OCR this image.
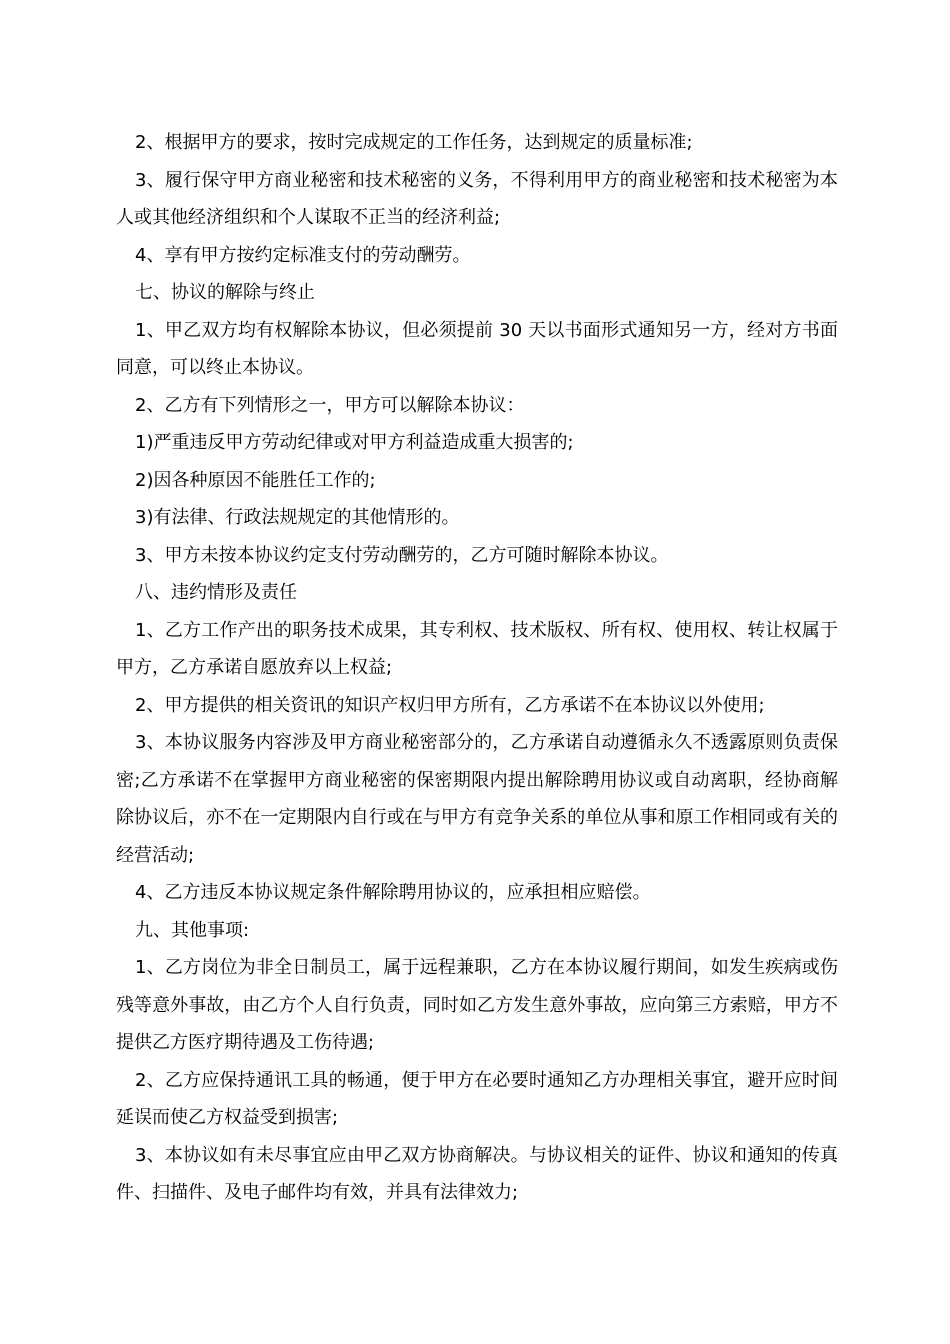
2、根据甲方的要求，按时完成规定的工作任务，达到规定的质量标准;

3、履行保守甲方商业秘密和技术秘密的义务，不得利用甲方的商业秘密和技术秘密为本人或其他经济组织和个人谋取不正当的经济利益;

4、享有甲方按约定标准支付的劳动酬劳。

七、协议的解除与终止

1、甲乙双方均有权解除本协议，但必须提前 30 天以书面形式通知另一方，经对方书面同意，可以终止本协议。

2、乙方有下列情形之一，甲方可以解除本协议：

1)严重违反甲方劳动纪律或对甲方利益造成重大损害的;

2)因各种原因不能胜任工作的;

3)有法律、行政法规规定的其他情形的。

3、甲方未按本协议约定支付劳动酬劳的，乙方可随时解除本协议。

八、违约情形及责任

1、乙方工作产出的职务技术成果，其专利权、技术版权、所有权、使用权、转让权属于甲方，乙方承诺自愿放弃以上权益;

2、甲方提供的相关资讯的知识产权归甲方所有，乙方承诺不在本协议以外使用;

3、本协议服务内容涉及甲方商业秘密部分的，乙方承诺自动遵循永久不透露原则负责保密;乙方承诺不在掌握甲方商业秘密的保密期限内提出解除聘用协议或自动离职，经协商解除协议后，亦不在一定期限内自行或在与甲方有竞争关系的单位从事和原工作相同或有关的经营活动;

4、乙方违反本协议规定条件解除聘用协议的，应承担相应赔偿。

九、其他事项:

1、乙方岗位为非全日制员工，属于远程兼职，乙方在本协议履行期间，如发生疾病或伤残等意外事故，由乙方个人自行负责，同时如乙方发生意外事故，应向第三方索赔，甲方不提供乙方医疗期待遇及工伤待遇;

2、乙方应保持通讯工具的畅通，便于甲方在必要时通知乙方办理相关事宜，避开应时间延误而使乙方权益受到损害;

3、本协议如有未尽事宜应由甲乙双方协商解决。与协议相关的证件、协议和通知的传真件、扫描件、及电子邮件均有效，并具有法律效力;
